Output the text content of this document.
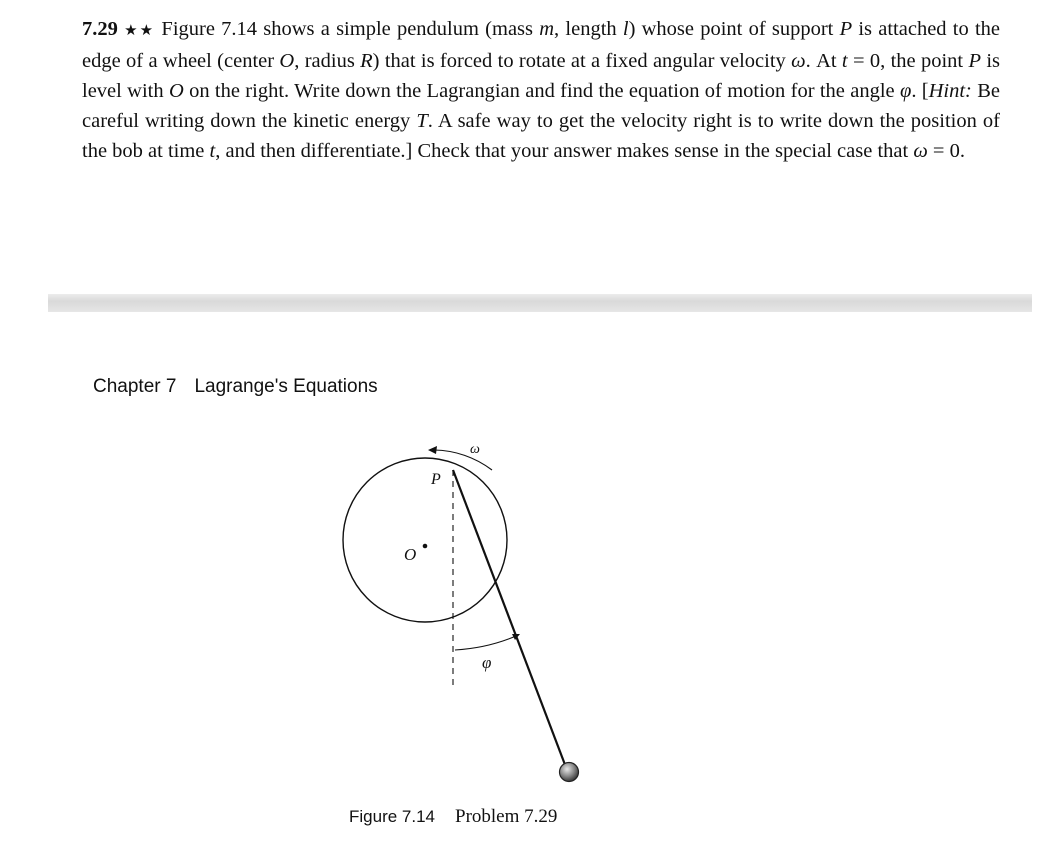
7.29 ★★ Figure 7.14 shows a simple pendulum (mass m, length l) whose point of support P is attached to the edge of a wheel (center O, radius R) that is forced to rotate at a fixed angular velocity ω. At t = 0, the point P is level with O on the right. Write down the Lagrangian and find the equation of motion for the angle φ. [Hint: Be careful writing down the kinetic energy T. A safe way to get the velocity right is to write down the position of the bob at time t, and then differentiate.] Check that your answer makes sense in the special case that ω = 0.
Chapter 7 Lagrange's Equations
ω
P
O
φ
Figure 7.14 Problem 7.29
